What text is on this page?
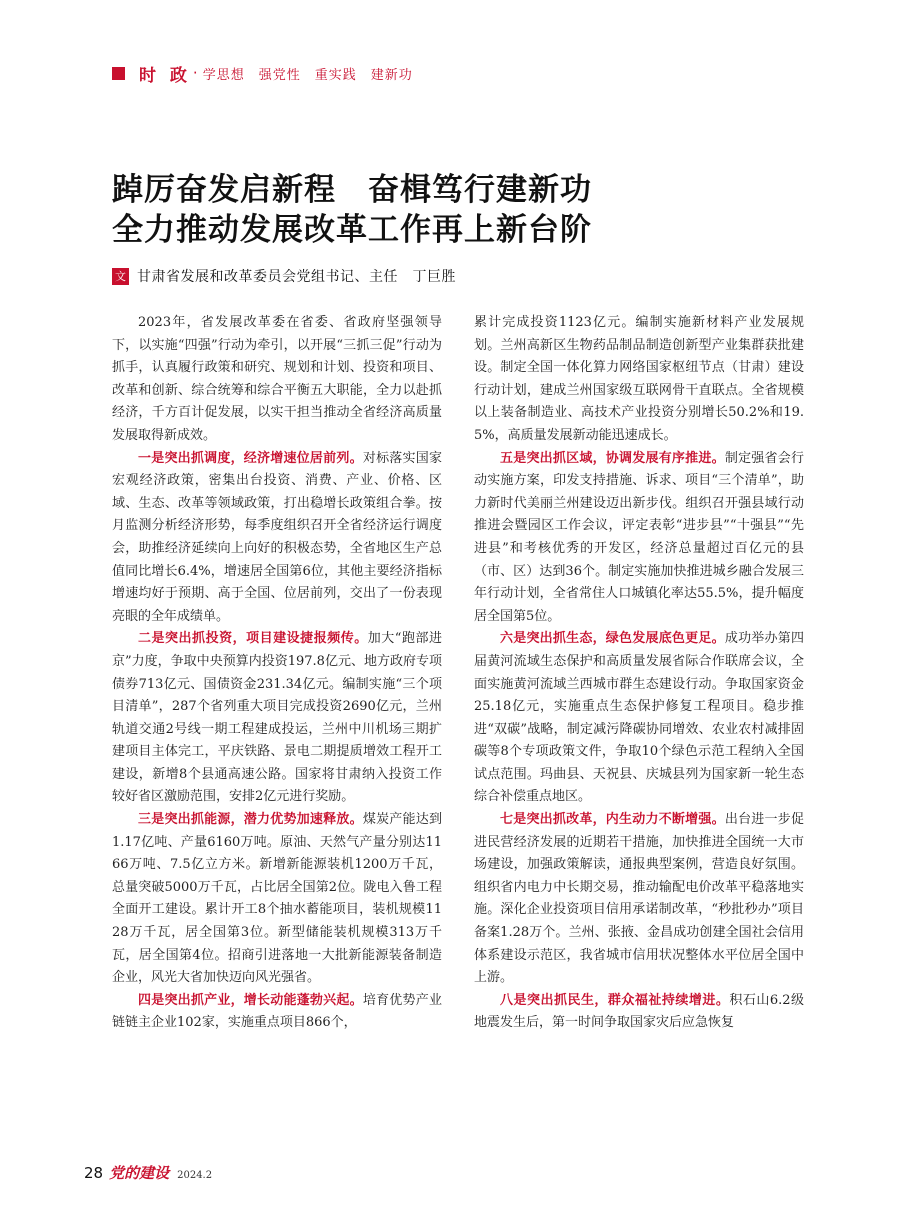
时 政 · 学思想 强党性 重实践 建新功
踔厉奋发启新程　奋楫笃行建新功
全力推动发展改革工作再上新台阶
文 甘肃省发展和改革委员会党组书记、主任　丁巨胜

2023年，省发展改革委在省委、省政府坚强领导下，以实施“四强”行动为牵引，以开展“三抓三促”行动为抓手，认真履行政策和研究、规划和计划、投资和项目、改革和创新、综合统筹和综合平衡五大职能，全力以赴抓经济，千方百计促发展，以实干担当推动全省经济高质量发展取得新成效。

一是突出抓调度，经济增速位居前列。对标落实国家宏观经济政策，密集出台投资、消费、产业、价格、区域、生态、改革等领域政策，打出稳增长政策组合拳。按月监测分析经济形势，每季度组织召开全省经济运行调度会，助推经济延续向上向好的积极态势，全省地区生产总值同比增长6.4%，增速居全国第6位，其他主要经济指标增速均好于预期、高于全国、位居前列，交出了一份表现亮眼的全年成绩单。

二是突出抓投资，项目建设捷报频传。加大“跑部进京”力度，争取中央预算内投资197.8亿元、地方政府专项债券713亿元、国债资金231.34亿元。编制实施“三个项目清单”，287个省列重大项目完成投资2690亿元，兰州轨道交通2号线一期工程建成投运，兰州中川机场三期扩建项目主体完工，平庆铁路、景电二期提质增效工程开工建设，新增8个县通高速公路。国家将甘肃纳入投资工作较好省区激励范围，安排2亿元进行奖励。

三是突出抓能源，潜力优势加速释放。煤炭产能达到1.17亿吨、产量6160万吨。原油、天然气产量分别达1166万吨、7.5亿立方米。新增新能源装机1200万千瓦，总量突破5000万千瓦，占比居全国第2位。陇电入鲁工程全面开工建设。累计开工8个抽水蓄能项目，装机规模1128万千瓦，居全国第3位。新型储能装机规模313万千瓦，居全国第4位。招商引进落地一大批新能源装备制造企业，风光大省加快迈向风光强省。

四是突出抓产业，增长动能蓬勃兴起。培育优势产业链链主企业102家，实施重点项目866个，

累计完成投资1123亿元。编制实施新材料产业发展规划。兰州高新区生物药品制品制造创新型产业集群获批建设。制定全国一体化算力网络国家枢纽节点（甘肃）建设行动计划，建成兰州国家级互联网骨干直联点。全省规模以上装备制造业、高技术产业投资分别增长50.2%和19.5%，高质量发展新动能迅速成长。

五是突出抓区域，协调发展有序推进。制定强省会行动实施方案，印发支持措施、诉求、项目“三个清单”，助力新时代美丽兰州建设迈出新步伐。组织召开强县域行动推进会暨园区工作会议，评定表彰“进步县”“十强县”“先进县”和考核优秀的开发区，经济总量超过百亿元的县（市、区）达到36个。制定实施加快推进城乡融合发展三年行动计划，全省常住人口城镇化率达55.5%，提升幅度居全国第5位。

六是突出抓生态，绿色发展底色更足。成功举办第四届黄河流域生态保护和高质量发展省际合作联席会议，全面实施黄河流域兰西城市群生态建设行动。争取国家资金25.18亿元，实施重点生态保护修复工程项目。稳步推进“双碳”战略，制定减污降碳协同增效、农业农村减排固碳等8个专项政策文件，争取10个绿色示范工程纳入全国试点范围。玛曲县、天祝县、庆城县列为国家新一轮生态综合补偿重点地区。

七是突出抓改革，内生动力不断增强。出台进一步促进民营经济发展的近期若干措施，加快推进全国统一大市场建设，加强政策解读，通报典型案例，营造良好氛围。组织省内电力中长期交易，推动输配电价改革平稳落地实施。深化企业投资项目信用承诺制改革，“秒批秒办”项目备案1.28万个。兰州、张掖、金昌成功创建全国社会信用体系建设示范区，我省城市信用状况整体水平位居全国中上游。

八是突出抓民生，群众福祉持续增进。积石山6.2级地震发生后，第一时间争取国家灾后应急恢复

28 党的建设 2024.2
